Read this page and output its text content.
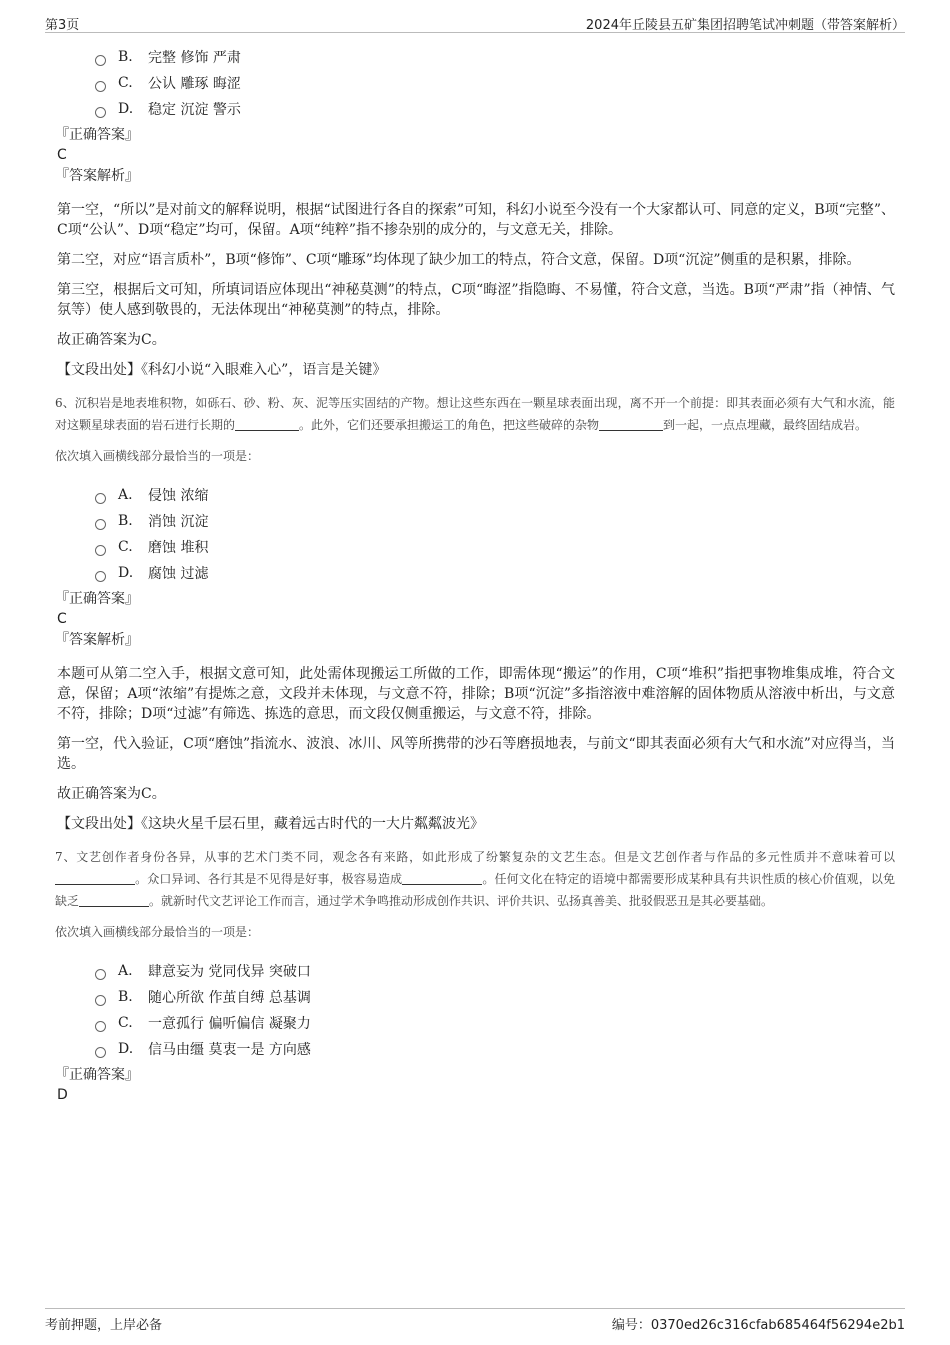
第3页	2024年丘陵县五矿集团招聘笔试冲刺题（带答案解析）
B.	完整 修饰 严肃
C.	公认 雕琢 晦涩
D.	稳定 沉淀 警示
『正确答案』
C
『答案解析』

第一空，“所以”是对前文的解释说明，根据“试图进行各自的探索”可知，科幻小说至今没有一个大家都认可、同意的定义，B项“完整”、C项“公认”、D项“稳定”均可，保留。A项“纯粹”指不掺杂别的成分的，与文意无关，排除。

第二空，对应“语言质朴”，B项“修饰”、C项“雕琢”均体现了缺少加工的特点，符合文意，保留。D项“沉淀”侧重的是积累，排除。

第三空，根据后文可知，所填词语应体现出“神秘莫测”的特点，C项“晦涩”指隐晦、不易懂，符合文意，当选。B项“严肃”指（神情、气氛等）使人感到敬畏的，无法体现出“神秘莫测”的特点，排除。

故正确答案为C。

【文段出处】《科幻小说“入眼难入心”，语言是关键》

6、沉积岩是地表堆积物，如砾石、砂、粉、灰、泥等压实固结的产物。想让这些东西在一颗星球表面出现，离不开一个前提：即其表面必须有大气和水流，能对这颗星球表面的岩石进行长期的	。此外，它们还要承担搬运工的角色，把这些破碎的杂物	到一起，一点点埋藏，最终固结成岩。

依次填入画横线部分最恰当的一项是：

A.	侵蚀 浓缩
B.	消蚀 沉淀
C.	磨蚀 堆积
D.	腐蚀 过滤
『正确答案』
C
『答案解析』

本题可从第二空入手，根据文意可知，此处需体现搬运工所做的工作，即需体现“搬运”的作用，C项“堆积”指把事物堆集成堆，符合文意，保留；A项“浓缩”有提炼之意，文段并未体现，与文意不符，排除；B项“沉淀”多指溶液中难溶解的固体物质从溶液中析出，与文意不符，排除；D项“过滤”有筛选、拣选的意思，而文段仅侧重搬运，与文意不符，排除。

第一空，代入验证，C项“磨蚀”指流水、波浪、冰川、风等所携带的沙石等磨损地表，与前文“即其表面必须有大气和水流”对应得当，当选。

故正确答案为C。

【文段出处】《这块火星千层石里，藏着远古时代的一大片粼粼波光》

7、文艺创作者身份各异，从事的艺术门类不同，观念各有来路，如此形成了纷繁复杂的文艺生态。但是文艺创作者与作品的多元性质并不意味着可以。众口异词、各行其是不见得是好事，极容易造成	。任何文化在特定的语境中都需要形成某种具有共识性质的核心价值观，以免缺乏	。就新时代文艺评论工作而言，通过学术争鸣推动形成创作共识、评价共识、弘扬真善美、批驳假恶丑是其必要基础。

依次填入画横线部分最恰当的一项是：

A.	肆意妄为 党同伐异 突破口
B.	随心所欲 作茧自缚 总基调
C.	一意孤行 偏听偏信 凝聚力
D.	信马由缰 莫衷一是 方向感
『正确答案』
D
考前押题，上岸必备	编号：0370ed26c316cfab685464f56294e2b1
